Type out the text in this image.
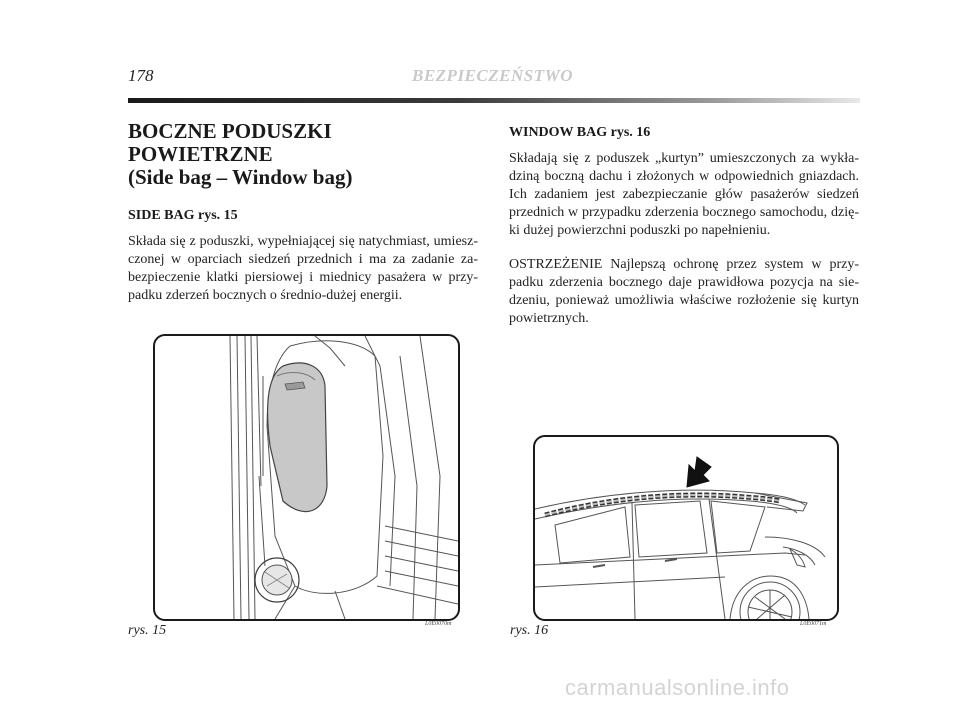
178	BEZPIECZEŃSTWO
BOCZNE PODUSZKI POWIETRZNE
(Side bag – Window bag)
SIDE BAG rys. 15

Składa się z poduszki, wypełniającej się natychmiast, umiesz- czonej w oparciach siedzeń przednich i ma za zadanie za- bezpieczenie klatki piersiowej i miednicy pasażera w przy- padku zderzeń bocznych o średnio-dużej energii.

WINDOW BAG rys. 16

Składają się z poduszek „kurtyn” umieszczonych za wykła- dziną boczną dachu i złożonych w odpowiednich gniazdach. Ich zadaniem jest zabezpieczanie głów pasażerów siedzeń przednich w przypadku zderzenia bocznego samochodu, dzię- ki dużej powierzchni poduszki po napełnieniu.

OSTRZEŻENIE Najlepszą ochronę przez system w przy- padku zderzenia bocznego daje prawidłowa pozycja na sie- dzeniu, ponieważ umożliwia właściwe rozłożenie się kurtyn powietrznych.

rys. 15	L0E0070m	rys. 16	L0E0071m
carmanualsonline.info
